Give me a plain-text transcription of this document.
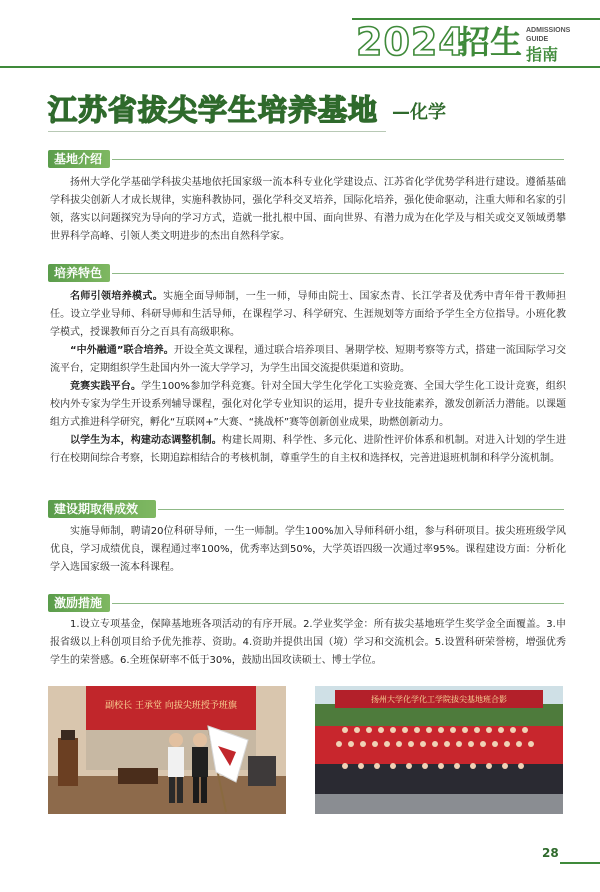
2024
招生 ADMISSIONS
GUIDE
指南
江苏省拔尖学生培养基地 —化学
基地介绍

扬州大学化学基础学科拔尖基地依托国家级一流本科专业化学建设点、江苏省化学优势学科进行建设。遵循基础学科拔尖创新人才成长规律，实施科教协同，强化学科交叉培养，国际化培养，强化使命驱动，注重大师和名家的引领，落实以问题探究为导向的学习方式，造就一批扎根中国、面向世界、有潜力成为在化学及与相关或交叉领域勇攀世界科学高峰、引领人类文明进步的杰出自然科学家。

培养特色

名师引领培养模式。实施全面导师制，一生一师，导师由院士、国家杰青、长江学者及优秀中青年骨干教师担任。设立学业导师、科研导师和生活导师，在课程学习、科学研究、生涯规划等方面给予学生全方位指导。小班化教学模式，授课教师百分之百具有高级职称。

“中外融通”联合培养。开设全英文课程，通过联合培养项目、暑期学校、短期考察等方式，搭建一流国际学习交流平台，定期组织学生赴国内外一流大学学习，为学生出国交流提供渠道和资助。

竞赛实践平台。学生100%参加学科竞赛。针对全国大学生化学化工实验竞赛、全国大学生化工设计竞赛，组织校内外专家为学生开设系列辅导课程，强化对化学专业知识的运用，提升专业技能素养，激发创新活力潜能。以课题组方式推进科学研究，孵化“互联网+”大赛、“挑战杯”赛等创新创业成果，助燃创新动力。

以学生为本，构建动态调整机制。构建长周期、科学性、多元化、进阶性评价体系和机制。对进入计划的学生进行在校期间综合考察，长期追踪相结合的考核机制，尊重学生的自主权和选择权，完善进退班机制和科学分流机制。

建设期取得成效

实施导师制，聘请20位科研导师，一生一师制。学生100%加入导师科研小组，参与科研项目。拔尖班班级学风优良，学习成绩优良，课程通过率100%，优秀率达到50%，大学英语四级一次通过率95%。课程建设方面：分析化学入选国家级一流本科课程。

激励措施

1.设立专项基金，保障基地班各项活动的有序开展。2.学业奖学金：所有拔尖基地班学生奖学金全面覆盖。3.申报省级以上科创项目给予优先推荐、资助。4.资助并提供出国（境）学习和交流机会。5.设置科研荣誉榜，增强优秀学生的荣誉感。6.全班保研率不低于30%，鼓励出国攻读硕士、博士学位。

副校长 王承堂 向拔尖班授予班旗
扬州大学化学化工学院拔尖基地班合影
28
